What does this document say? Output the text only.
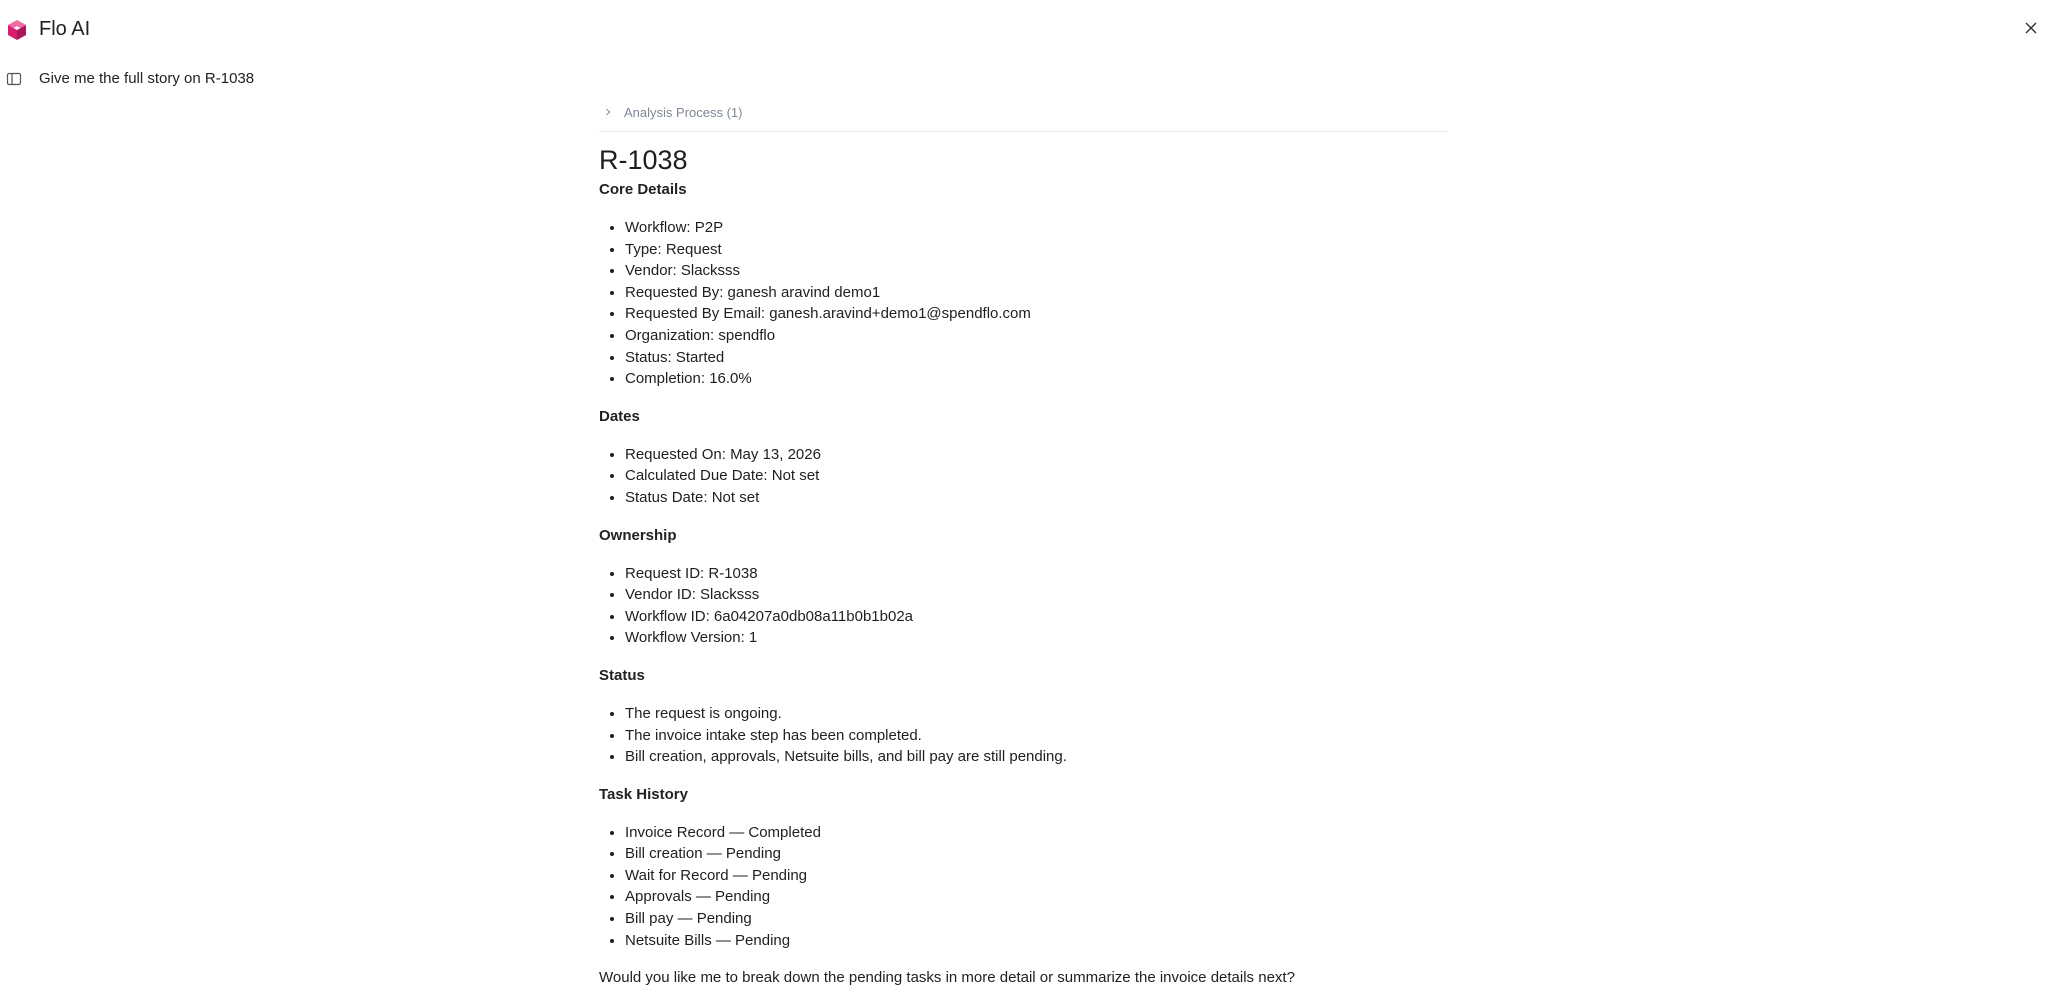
Flo AI
Give me the full story on R-1038
Analysis Process (1)
R-1038
Core Details
• Workflow: P2P
• Type: Request
• Vendor: Slacksss
• Requested By: ganesh aravind demo1
• Requested By Email: ganesh.aravind+demo1@spendflo.com
• Organization: spendflo
• Status: Started
• Completion: 16.0%
Dates
• Requested On: May 13, 2026
• Calculated Due Date: Not set
• Status Date: Not set
Ownership
• Request ID: R-1038
• Vendor ID: Slacksss
• Workflow ID: 6a04207a0db08a11b0b1b02a
• Workflow Version: 1
Status
• The request is ongoing.
• The invoice intake step has been completed.
• Bill creation, approvals, Netsuite bills, and bill pay are still pending.
Task History
• Invoice Record — Completed
• Bill creation — Pending
• Wait for Record — Pending
• Approvals — Pending
• Bill pay — Pending
• Netsuite Bills — Pending

Would you like me to break down the pending tasks in more detail or summarize the invoice details next?
